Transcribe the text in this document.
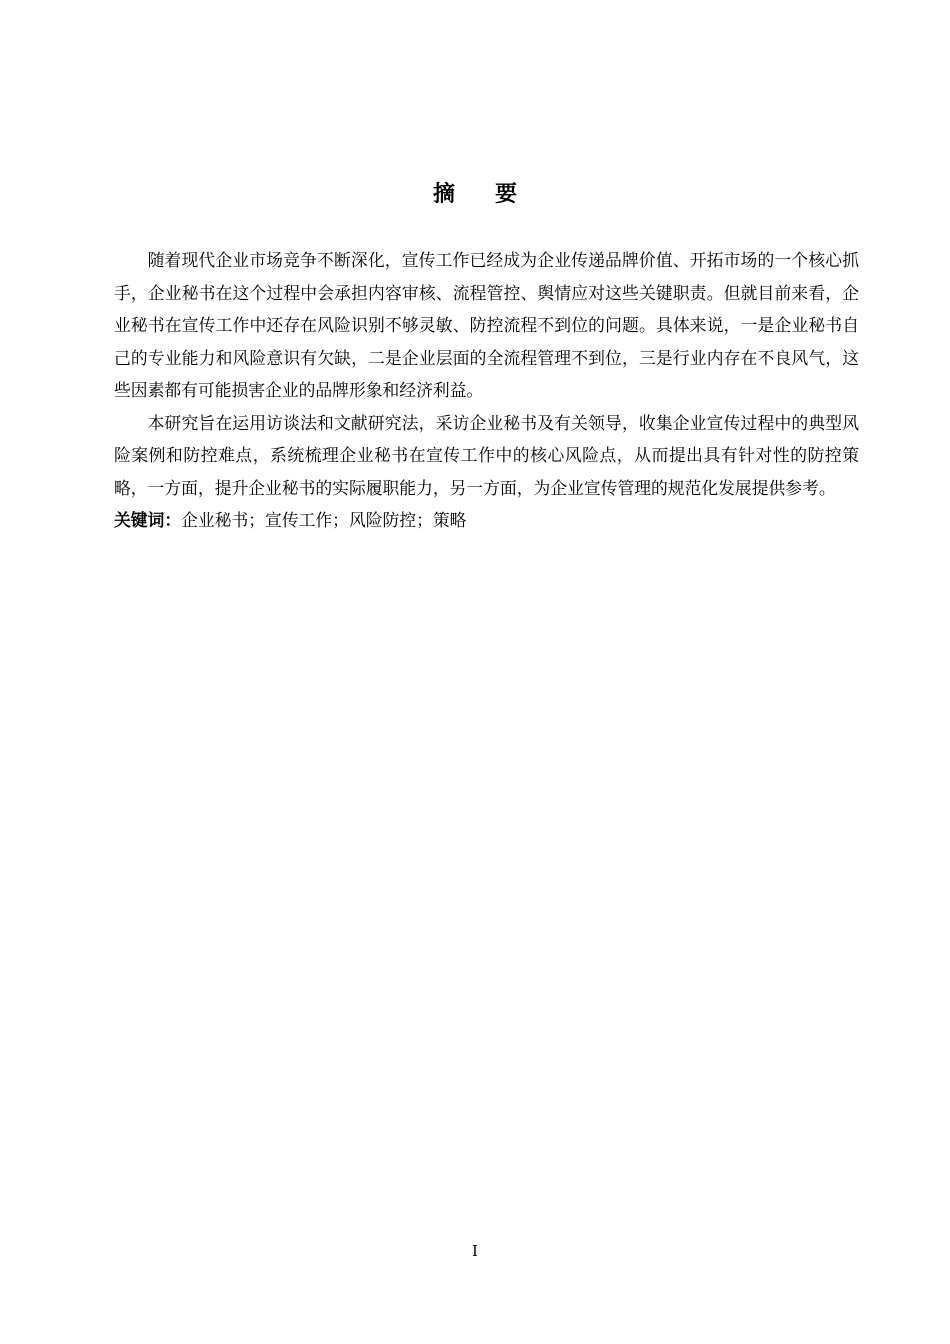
摘要

随着现代企业市场竞争不断深化，宣传工作已经成为企业传递品牌价值、开拓市场的一个核心抓手，企业秘书在这个过程中会承担内容审核、流程管控、舆情应对这些关键职责。但就目前来看，企业秘书在宣传工作中还存在风险识别不够灵敏、防控流程不到位的问题。具体来说，一是企业秘书自己的专业能力和风险意识有欠缺，二是企业层面的全流程管理不到位，三是行业内存在不良风气，这些因素都有可能损害企业的品牌形象和经济利益。

本研究旨在运用访谈法和文献研究法，采访企业秘书及有关领导，收集企业宣传过程中的典型风险案例和防控难点，系统梳理企业秘书在宣传工作中的核心风险点，从而提出具有针对性的防控策略，一方面，提升企业秘书的实际履职能力，另一方面，为企业宣传管理的规范化发展提供参考。

关键词：企业秘书；宣传工作；风险防控；策略

I
